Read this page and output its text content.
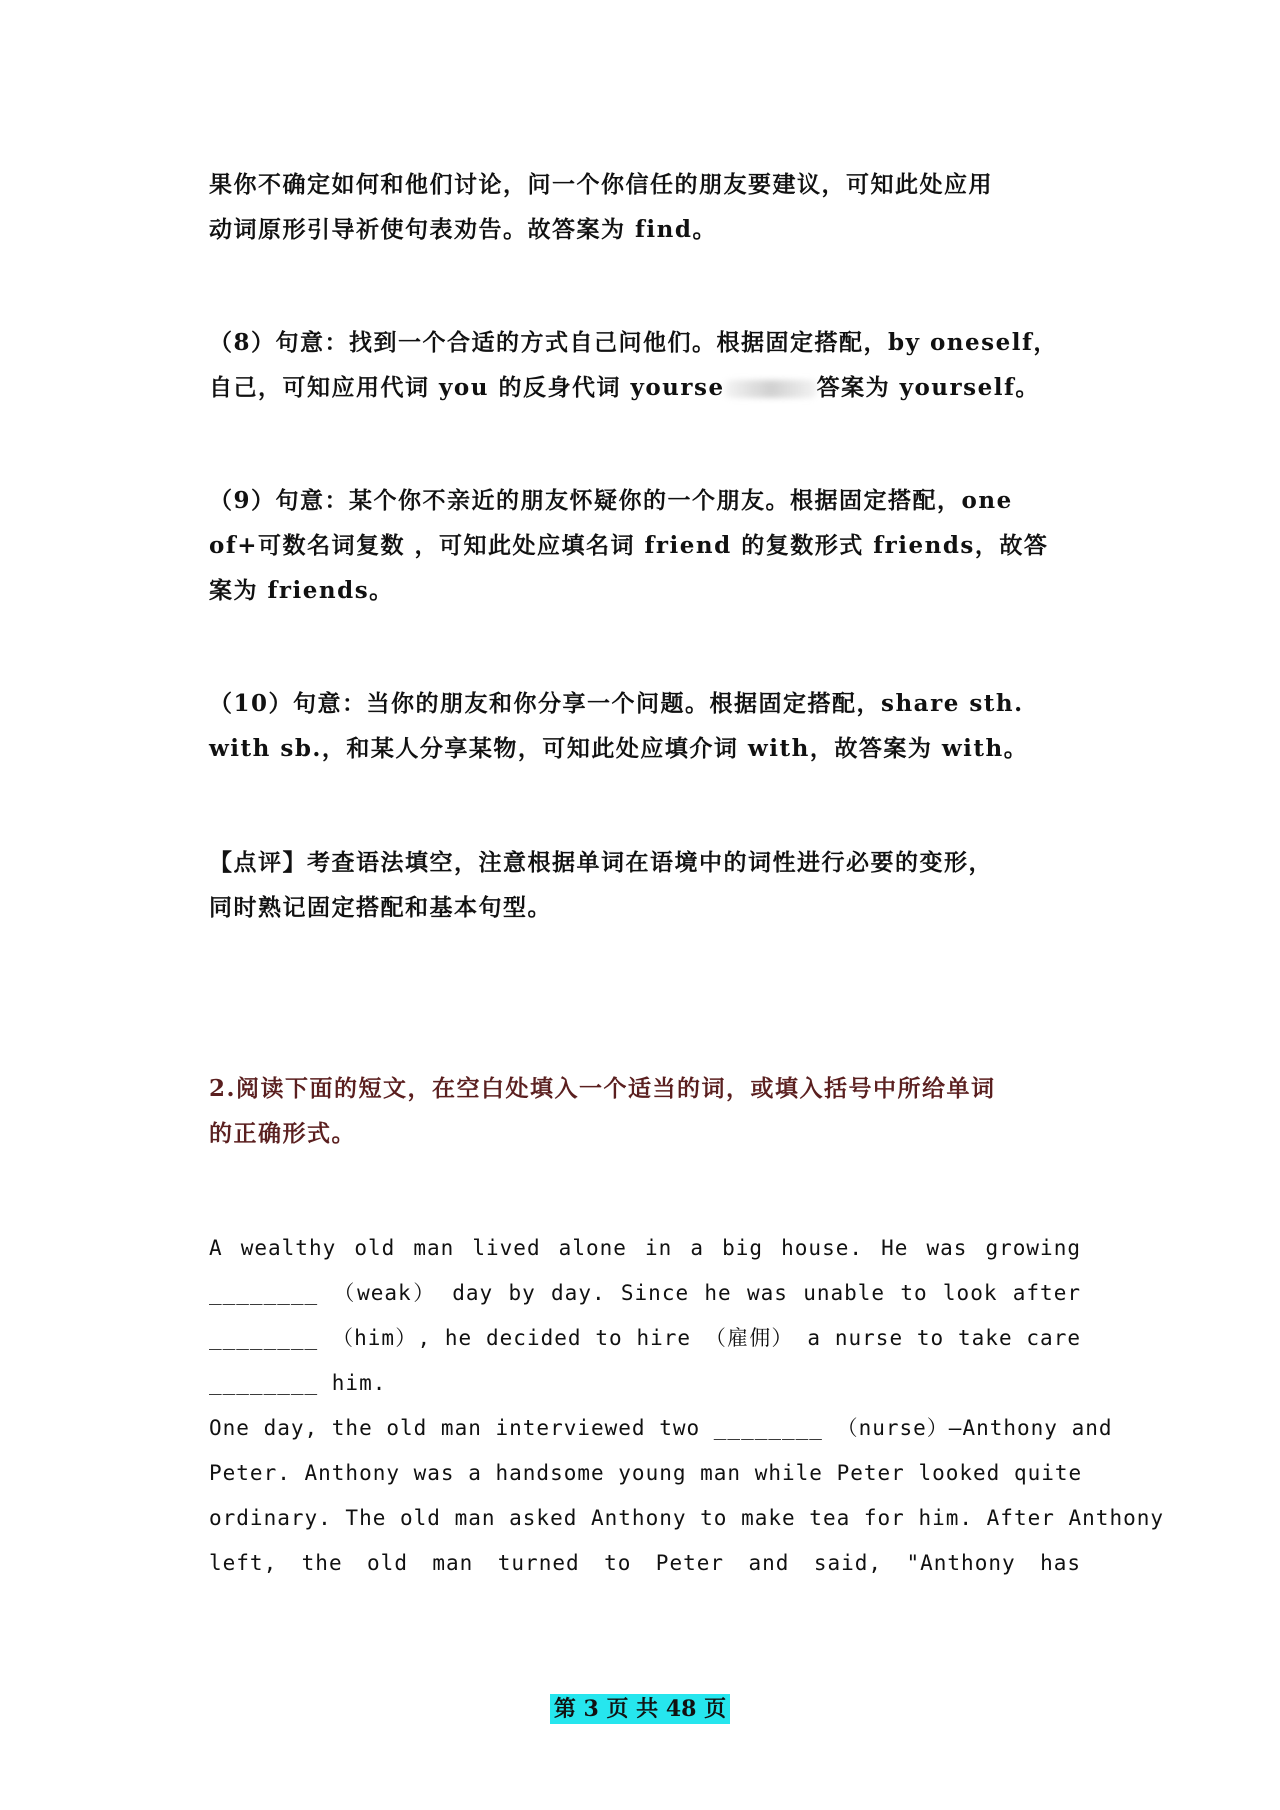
果你不确定如何和他们讨论，问一个你信任的朋友要建议，可知此处应用
动词原形引导祈使句表劝告。故答案为 find。
（8）句意：找到一个合适的方式自己问他们。根据固定搭配，by oneself，
自己，可知应用代词 you 的反身代词 yourse	答案为 yourself。
（9）句意：某个你不亲近的朋友怀疑你的一个朋友。根据固定搭配，one
of+可数名词复数 ，可知此处应填名词 friend 的复数形式 friends，故答
案为 friends。
（10）句意：当你的朋友和你分享一个问题。根据固定搭配，share sth.
with sb.，和某人分享某物，可知此处应填介词 with，故答案为 with。
【点评】考查语法填空，注意根据单词在语境中的词性进行必要的变形，
同时熟记固定搭配和基本句型。
2.阅读下面的短文，在空白处填入一个适当的词，或填入括号中所给单词
的正确形式。
A wealthy old man lived alone in a big house. He was growing
________ （weak） day by day. Since he was unable to look after
________ （him）, he decided to hire （雇佣） a nurse to take care
________ him.
One day, the old man interviewed two ________ （nurse）—Anthony and
Peter. Anthony was a handsome young man while Peter looked quite
ordinary. The old man asked Anthony to make tea for him. After Anthony
left, the old man turned to Peter and said, "Anthony has
第 3 页 共 48 页
